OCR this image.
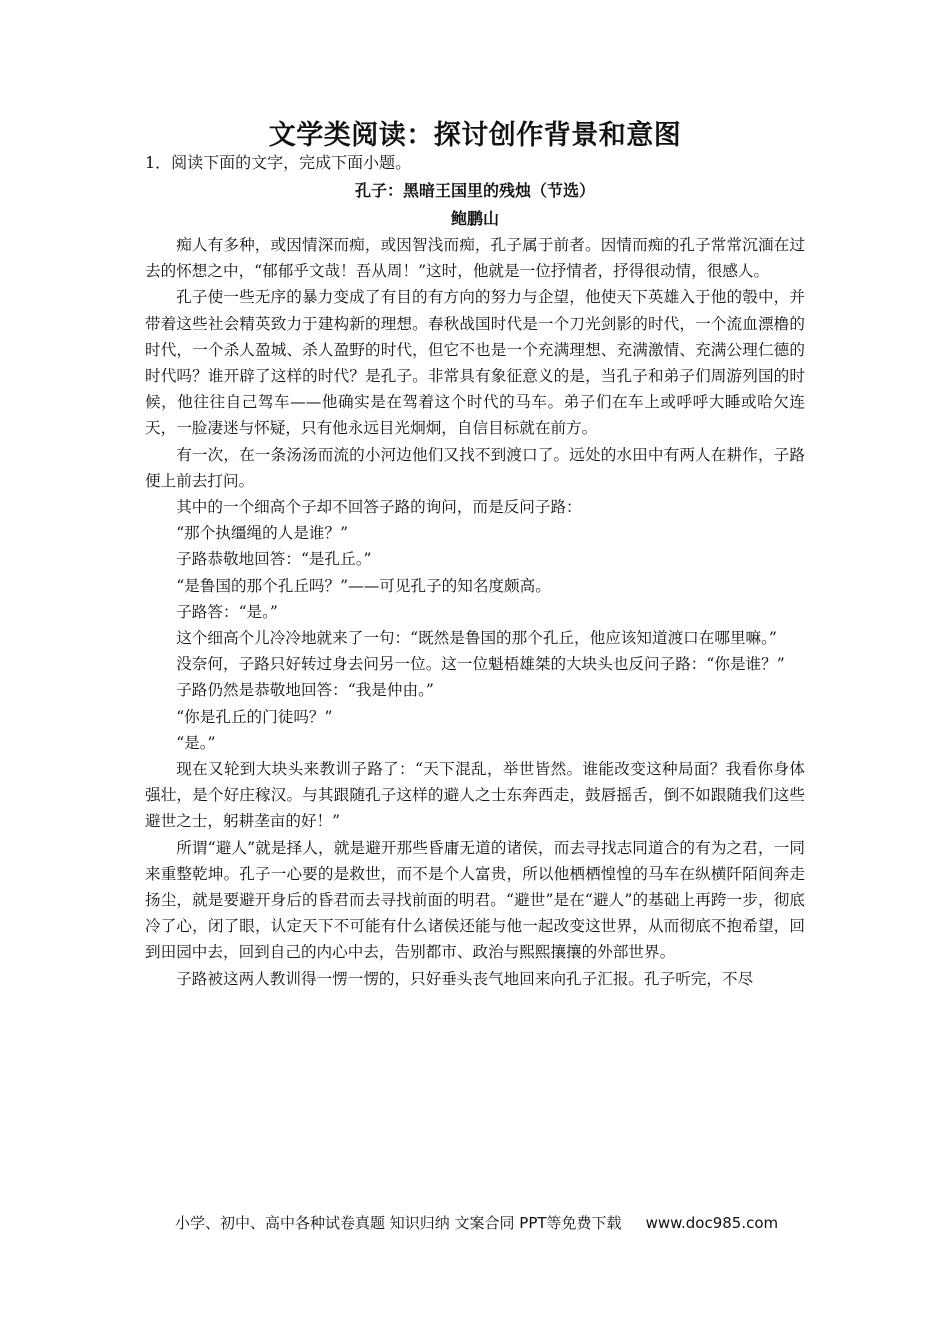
文学类阅读：探讨创作背景和意图
1．阅读下面的文字，完成下面小题。
孔子：黑暗王国里的残烛（节选）
鲍鹏山

痴人有多种，或因情深而痴，或因智浅而痴，孔子属于前者。因情而痴的孔子常常沉湎在过去的怀想之中，“郁郁乎文哉！吾从周！”这时，他就是一位抒情者，抒得很动情，很感人。

孔子使一些无序的暴力变成了有目的有方向的努力与企望，他使天下英雄入于他的彀中，并带着这些社会精英致力于建构新的理想。春秋战国时代是一个刀光剑影的时代，一个流血漂橹的时代，一个杀人盈城、杀人盈野的时代，但它不也是一个充满理想、充满激情、充满公理仁德的时代吗？谁开辟了这样的时代？是孔子。非常具有象征意义的是，当孔子和弟子们周游列国的时候，他往往自己驾车——他确实是在驾着这个时代的马车。弟子们在车上或呼呼大睡或哈欠连天，一脸凄迷与怀疑，只有他永远目光炯炯，自信目标就在前方。

有一次，在一条汤汤而流的小河边他们又找不到渡口了。远处的水田中有两人在耕作，子路便上前去打问。

其中的一个细高个子却不回答子路的询问，而是反问子路：

“那个执缰绳的人是谁？”

子路恭敬地回答：“是孔丘。”

“是鲁国的那个孔丘吗？”——可见孔子的知名度颇高。

子路答：“是。”

这个细高个儿冷冷地就来了一句：“既然是鲁国的那个孔丘，他应该知道渡口在哪里嘛。”

没奈何，子路只好转过身去问另一位。这一位魁梧雄桀的大块头也反问子路：“你是谁？”

子路仍然是恭敬地回答：“我是仲由。”

“你是孔丘的门徒吗？”

“是。”

现在又轮到大块头来教训子路了：“天下混乱，举世皆然。谁能改变这种局面？我看你身体强壮，是个好庄稼汉。与其跟随孔子这样的避人之士东奔西走，鼓唇摇舌，倒不如跟随我们这些避世之士，躬耕垄亩的好！”

所谓“避人”就是择人，就是避开那些昏庸无道的诸侯，而去寻找志同道合的有为之君，一同来重整乾坤。孔子一心要的是救世，而不是个人富贵，所以他栖栖惶惶的马车在纵横阡陌间奔走扬尘，就是要避开身后的昏君而去寻找前面的明君。“避世”是在“避人”的基础上再跨一步，彻底冷了心，闭了眼，认定天下不可能有什么诸侯还能与他一起改变这世界，从而彻底不抱希望，回到田园中去，回到自己的内心中去，告别都市、政治与熙熙攘攘的外部世界。

子路被这两人教训得一愣一愣的，只好垂头丧气地回来向孔子汇报。孔子听完，不尽

小学、初中、高中各种试卷真题 知识归纳 文案合同 PPT等免费下载 www.doc985.com
